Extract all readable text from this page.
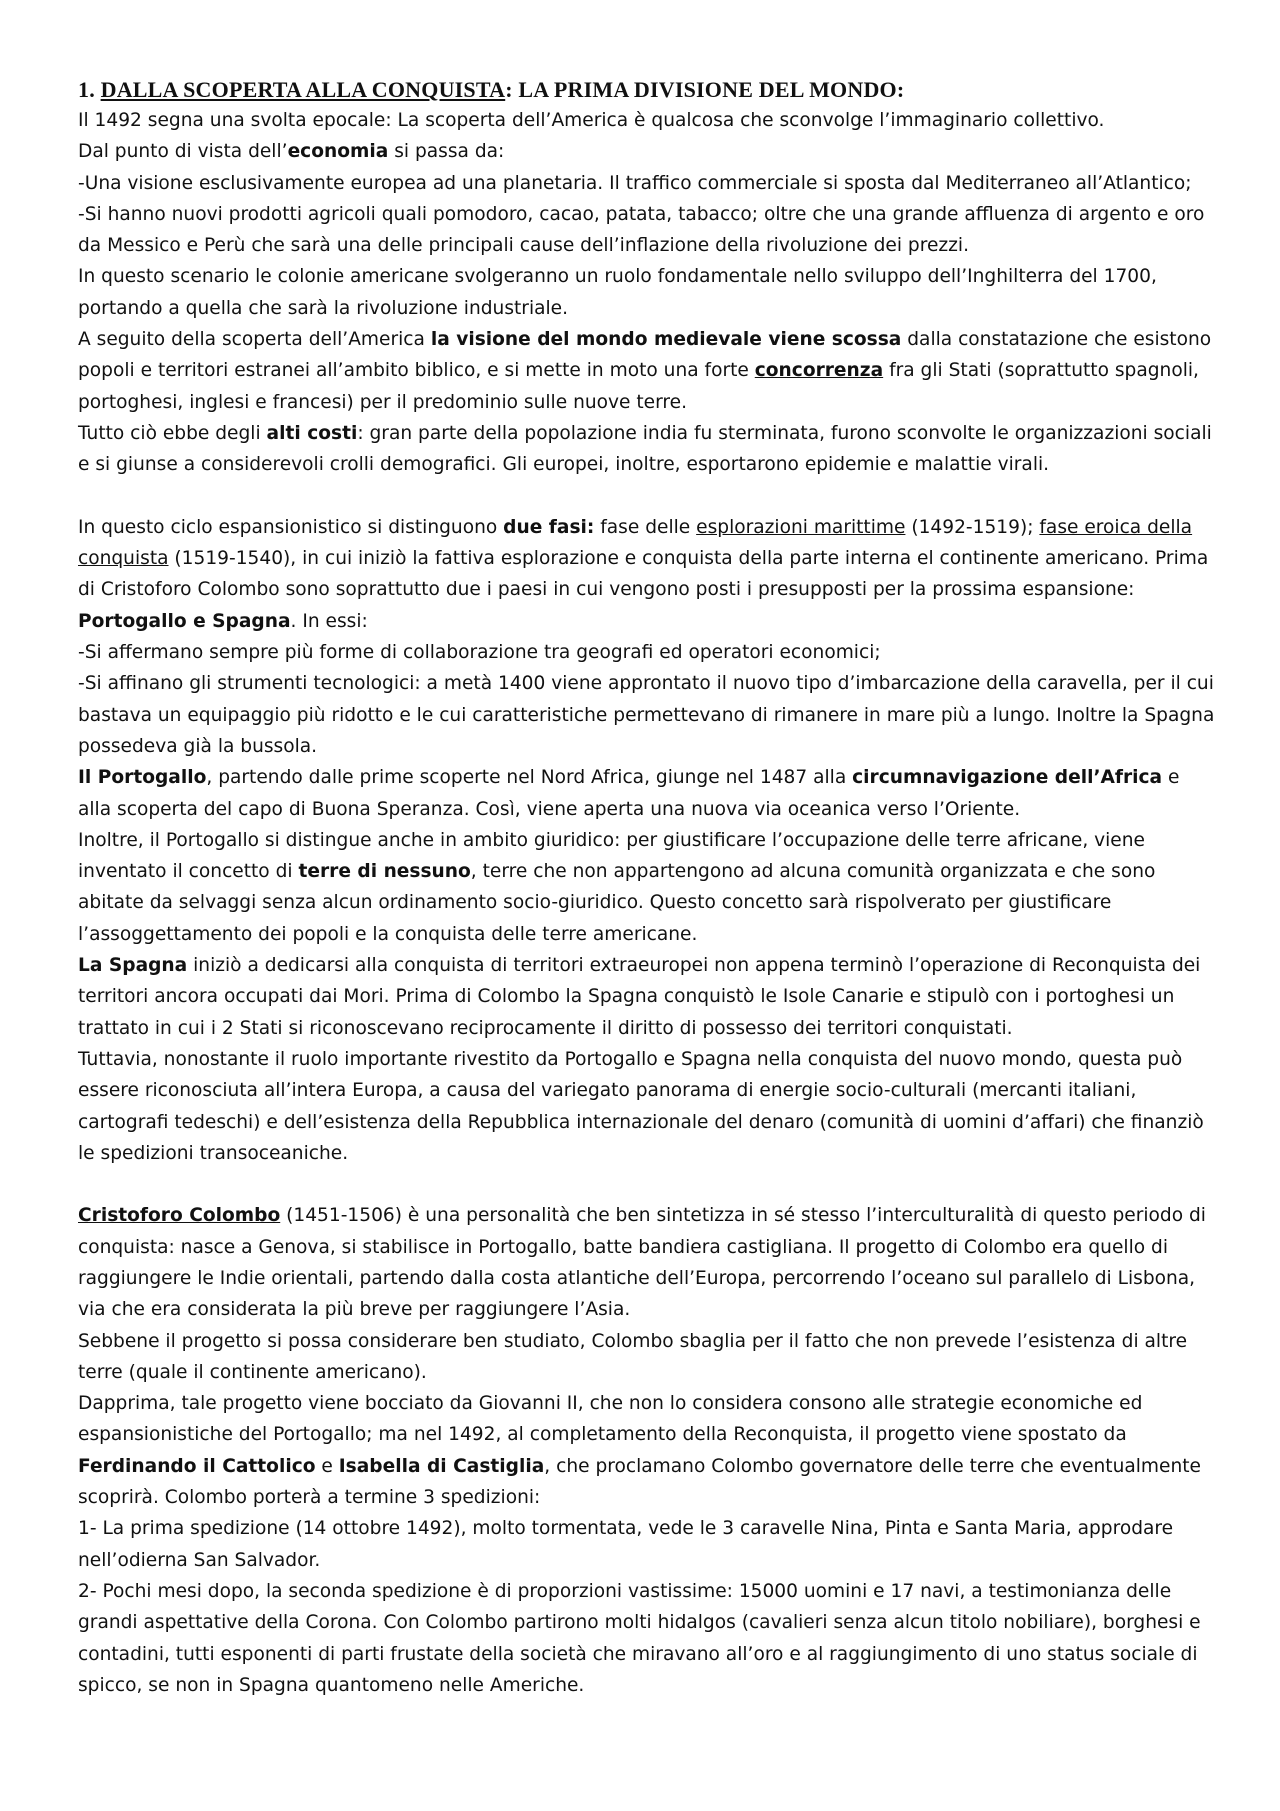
1. DALLA SCOPERTA ALLA CONQUISTA: LA PRIMA DIVISIONE DEL MONDO:

Il 1492 segna una svolta epocale: La scoperta dell’America è qualcosa che sconvolge l’immaginario collettivo.

Dal punto di vista dell’economia si passa da:

-Una visione esclusivamente europea ad una planetaria. Il traffico commerciale si sposta dal Mediterraneo all’Atlantico;

-Si hanno nuovi prodotti agricoli quali pomodoro, cacao, patata, tabacco; oltre che una grande affluenza di argento e oro da Messico e Perù che sarà una delle principali cause dell’inflazione della rivoluzione dei prezzi.

In questo scenario le colonie americane svolgeranno un ruolo fondamentale nello sviluppo dell’Inghilterra del 1700, portando a quella che sarà la rivoluzione industriale.

A seguito della scoperta dell’America la visione del mondo medievale viene scossa dalla constatazione che esistono popoli e territori estranei all’ambito biblico, e si mette in moto una forte concorrenza fra gli Stati (soprattutto spagnoli, portoghesi, inglesi e francesi) per il predominio sulle nuove terre.

Tutto ciò ebbe degli alti costi: gran parte della popolazione india fu sterminata, furono sconvolte le organizzazioni sociali e si giunse a considerevoli crolli demografici. Gli europei, inoltre, esportarono epidemie e malattie virali.

In questo ciclo espansionistico si distinguono due fasi: fase delle esplorazioni marittime (1492-1519); fase eroica della conquista (1519-1540), in cui iniziò la fattiva esplorazione e conquista della parte interna el continente americano. Prima di Cristoforo Colombo sono soprattutto due i paesi in cui vengono posti i presupposti per la prossima espansione: Portogallo e Spagna. In essi:

-Si affermano sempre più forme di collaborazione tra geografi ed operatori economici;

-Si affinano gli strumenti tecnologici: a metà 1400 viene approntato il nuovo tipo d’imbarcazione della caravella, per il cui bastava un equipaggio più ridotto e le cui caratteristiche permettevano di rimanere in mare più a lungo. Inoltre la Spagna possedeva già la bussola.

Il Portogallo, partendo dalle prime scoperte nel Nord Africa, giunge nel 1487 alla circumnavigazione dell’Africa e alla scoperta del capo di Buona Speranza. Così, viene aperta una nuova via oceanica verso l’Oriente.

Inoltre, il Portogallo si distingue anche in ambito giuridico: per giustificare l’occupazione delle terre africane, viene inventato il concetto di terre di nessuno, terre che non appartengono ad alcuna comunità organizzata e che sono abitate da selvaggi senza alcun ordinamento socio-giuridico. Questo concetto sarà rispolverato per giustificare l’assoggettamento dei popoli e la conquista delle terre americane.

La Spagna iniziò a dedicarsi alla conquista di territori extraeuropei non appena terminò l’operazione di Reconquista dei territori ancora occupati dai Mori. Prima di Colombo la Spagna conquistò le Isole Canarie e stipulò con i portoghesi un trattato in cui i 2 Stati si riconoscevano reciprocamente il diritto di possesso dei territori conquistati.

Tuttavia, nonostante il ruolo importante rivestito da Portogallo e Spagna nella conquista del nuovo mondo, questa può essere riconosciuta all’intera Europa, a causa del variegato panorama di energie socio-culturali (mercanti italiani, cartografi tedeschi) e dell’esistenza della Repubblica internazionale del denaro (comunità di uomini d’affari) che finanziò le spedizioni transoceaniche.

Cristoforo Colombo (1451-1506) è una personalità che ben sintetizza in sé stesso l’interculturalità di questo periodo di conquista: nasce a Genova, si stabilisce in Portogallo, batte bandiera castigliana. Il progetto di Colombo era quello di raggiungere le Indie orientali, partendo dalla costa atlantiche dell’Europa, percorrendo l’oceano sul parallelo di Lisbona, via che era considerata la più breve per raggiungere l’Asia.

Sebbene il progetto si possa considerare ben studiato, Colombo sbaglia per il fatto che non prevede l’esistenza di altre terre (quale il continente americano).

Dapprima, tale progetto viene bocciato da Giovanni II, che non lo considera consono alle strategie economiche ed espansionistiche del Portogallo; ma nel 1492, al completamento della Reconquista, il progetto viene spostato da Ferdinando il Cattolico e Isabella di Castiglia, che proclamano Colombo governatore delle terre che eventualmente scoprirà. Colombo porterà a termine 3 spedizioni:

1- La prima spedizione (14 ottobre 1492), molto tormentata, vede le 3 caravelle Nina, Pinta e Santa Maria, approdare nell’odierna San Salvador.

2- Pochi mesi dopo, la seconda spedizione è di proporzioni vastissime: 15000 uomini e 17 navi, a testimonianza delle grandi aspettative della Corona. Con Colombo partirono molti hidalgos (cavalieri senza alcun titolo nobiliare), borghesi e contadini, tutti esponenti di parti frustate della società che miravano all’oro e al raggiungimento di uno status sociale di spicco, se non in Spagna quantomeno nelle Americhe.
